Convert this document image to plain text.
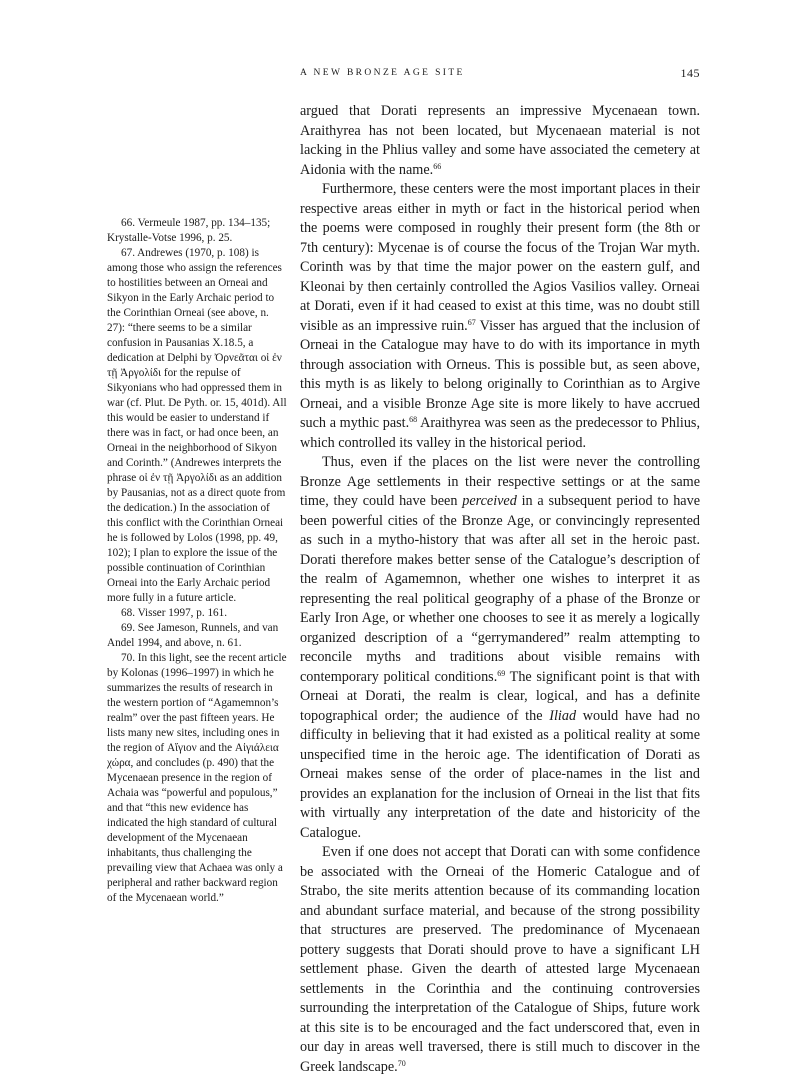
A NEW BRONZE AGE SITE	145

66. Vermeule 1987, pp. 134–135; Krystalle-Votse 1996, p. 25.

67. Andrewes (1970, p. 108) is among those who assign the references to hostilities between an Orneai and Sikyon in the Early Archaic period to the Corinthian Orneai (see above, n. 27): “there seems to be a similar confusion in Pausanias X.18.5, a dedication at Delphi by Ὀρνεᾶται οἱ ἐν τῇ Ἀργολίδι for the repulse of Sikyonians who had oppressed them in war (cf. Plut. De Pyth. or. 15, 401d). All this would be easier to understand if there was in fact, or had once been, an Orneai in the neighborhood of Sikyon and Corinth.” (Andrewes interprets the phrase οἱ ἐν τῇ Ἀργολίδι as an addition by Pausanias, not as a direct quote from the dedication.) In the association of this conflict with the Corinthian Orneai he is followed by Lolos (1998, pp. 49, 102); I plan to explore the issue of the possible continuation of Corinthian Orneai into the Early Archaic period more fully in a future article.

68. Visser 1997, p. 161.

69. See Jameson, Runnels, and van Andel 1994, and above, n. 61.

70. In this light, see the recent article by Kolonas (1996–1997) in which he summarizes the results of research in the western portion of “Agamemnon’s realm” over the past fifteen years. He lists many new sites, including ones in the region of Αἴγιον and the Αἰγιάλεια χώρα, and concludes (p. 490) that the Mycenaean presence in the region of Achaia was “powerful and populous,” and that “this new evidence has indicated the high standard of cultural development of the Mycenaean inhabitants, thus challenging the prevailing view that Achaea was only a peripheral and rather backward region of the Mycenaean world.”

argued that Dorati represents an impressive Mycenaean town. Araithyrea has not been located, but Mycenaean material is not lacking in the Phlius valley and some have associated the cemetery at Aidonia with the name.$^{66}$

Furthermore, these centers were the most important places in their respective areas either in myth or fact in the historical period when the poems were composed in roughly their present form (the 8th or 7th century): Mycenae is of course the focus of the Trojan War myth. Corinth was by that time the major power on the eastern gulf, and Kleonai by then certainly controlled the Agios Vasilios valley. Orneai at Dorati, even if it had ceased to exist at this time, was no doubt still visible as an impressive ruin.$^{67}$ Visser has argued that the inclusion of Orneai in the Catalogue may have to do with its importance in myth through association with Orneus. This is possible but, as seen above, this myth is as likely to belong originally to Corinthian as to Argive Orneai, and a visible Bronze Age site is more likely to have accrued such a mythic past.$^{68}$ Araithyrea was seen as the predecessor to Phlius, which controlled its valley in the historical period.

Thus, even if the places on the list were never the controlling Bronze Age settlements in their respective settings or at the same time, they could have been perceived in a subsequent period to have been powerful cities of the Bronze Age, or convincingly represented as such in a mytho-history that was after all set in the heroic past. Dorati therefore makes better sense of the Catalogue’s description of the realm of Agamemnon, whether one wishes to interpret it as representing the real political geography of a phase of the Bronze or Early Iron Age, or whether one chooses to see it as merely a logically organized description of a “gerrymandered” realm attempting to reconcile myths and traditions about visible remains with contemporary political conditions.$^{69}$ The significant point is that with Orneai at Dorati, the realm is clear, logical, and has a definite topographical order; the audience of the Iliad would have had no difficulty in believing that it had existed as a political reality at some unspecified time in the heroic age. The identification of Dorati as Orneai makes sense of the order of place-names in the list and provides an explanation for the inclusion of Orneai in the list that fits with virtually any interpretation of the date and historicity of the Catalogue.

Even if one does not accept that Dorati can with some confidence be associated with the Orneai of the Homeric Catalogue and of Strabo, the site merits attention because of its commanding location and abundant surface material, and because of the strong possibility that structures are preserved. The predominance of Mycenaean pottery suggests that Dorati should prove to have a significant LH settlement phase. Given the dearth of attested large Mycenaean settlements in the Corinthia and the continuing controversies surrounding the interpretation of the Catalogue of Ships, future work at this site is to be encouraged and the fact underscored that, even in our day in areas well traversed, there is still much to discover in the Greek landscape.$^{70}$
